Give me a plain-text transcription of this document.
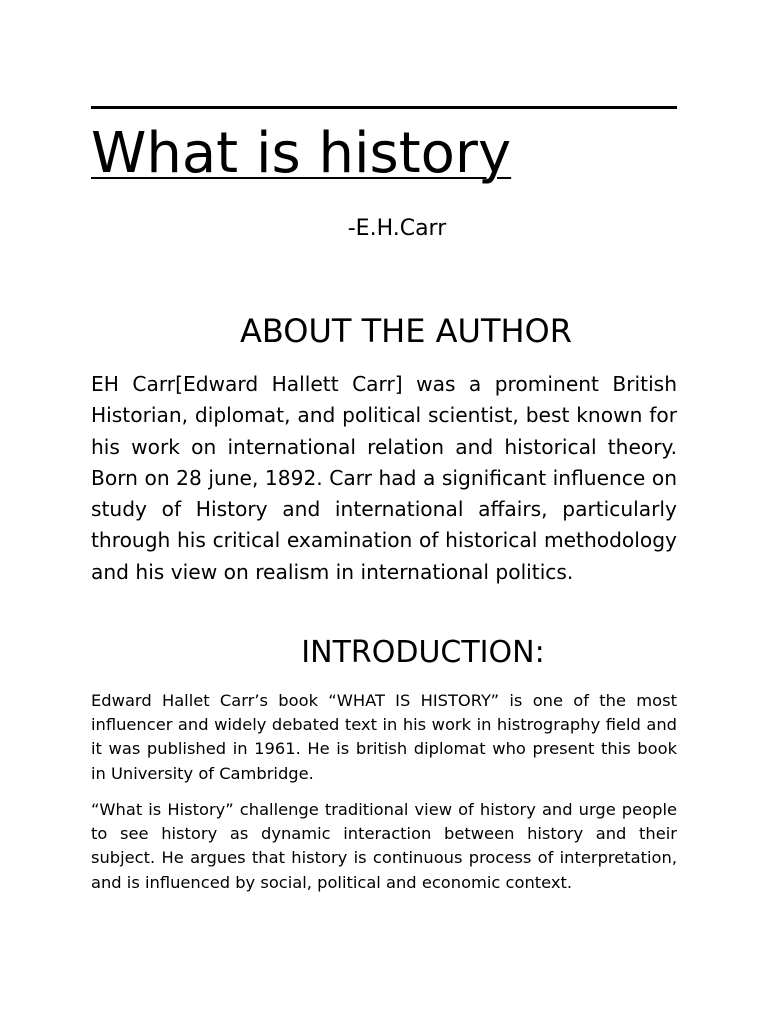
What is history
-E.H.Carr
ABOUT THE AUTHOR

EH Carr[Edward Hallett Carr] was a prominent British Historian, diplomat, and political scientist, best known for his work on international relation and historical theory. Born on 28 june, 1892. Carr had a significant influence on study of History and international affairs, particularly through his critical examination of historical methodology and his view on realism in international politics.

INTRODUCTION:

Edward Hallet Carr’s book “WHAT IS HISTORY” is one of the most influencer and widely debated text in his work in histrography field and it was published in 1961. He is british diplomat who present this book in University of Cambridge.

“What is History” challenge traditional view of history and urge people to see history as dynamic interaction between history and their subject. He argues that history is continuous process of interpretation, and is influenced by social, political and economic context.
